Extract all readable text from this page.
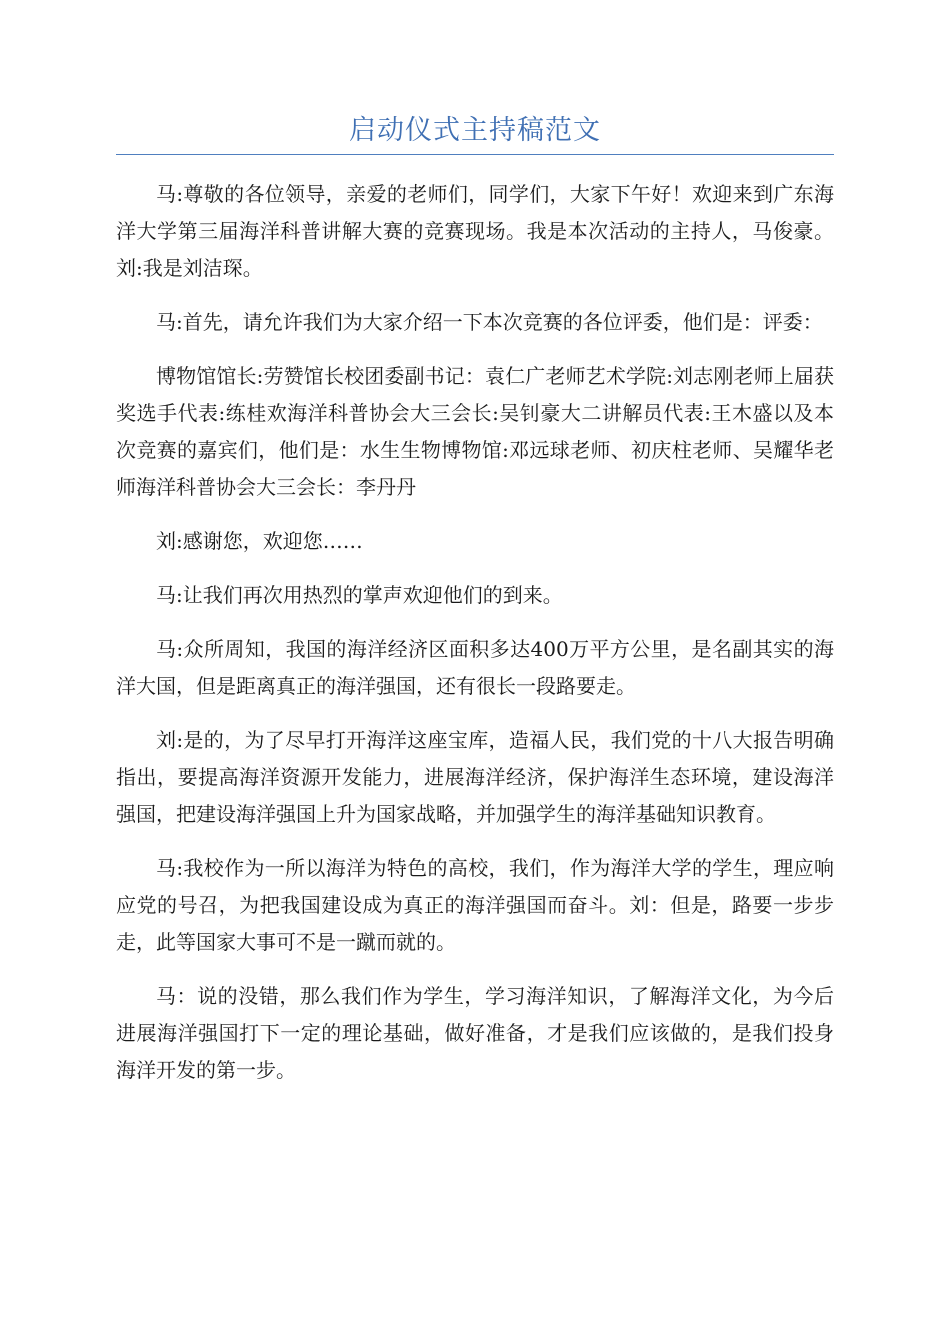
启动仪式主持稿范文

马:尊敬的各位领导，亲爱的老师们，同学们，大家下午好！欢迎来到广东海洋大学第三届海洋科普讲解大赛的竞赛现场。我是本次活动的主持人，马俊豪。刘:我是刘洁琛。

马:首先，请允许我们为大家介绍一下本次竞赛的各位评委，他们是：评委：

博物馆馆长:劳赞馆长校团委副书记：袁仁广老师艺术学院:刘志刚老师上届获奖选手代表:练桂欢海洋科普协会大三会长:吴钊豪大二讲解员代表:王木盛以及本次竞赛的嘉宾们，他们是：水生生物博物馆:邓远球老师、初庆柱老师、吴耀华老师海洋科普协会大三会长：李丹丹

刘:感谢您，欢迎您……

马:让我们再次用热烈的掌声欢迎他们的到来。

马:众所周知，我国的海洋经济区面积多达400万平方公里，是名副其实的海洋大国，但是距离真正的海洋强国，还有很长一段路要走。

刘:是的，为了尽早打开海洋这座宝库，造福人民，我们党的十八大报告明确指出，要提高海洋资源开发能力，进展海洋经济，保护海洋生态环境，建设海洋强国，把建设海洋强国上升为国家战略，并加强学生的海洋基础知识教育。

马:我校作为一所以海洋为特色的高校，我们，作为海洋大学的学生，理应响应党的号召，为把我国建设成为真正的海洋强国而奋斗。刘：但是，路要一步步走，此等国家大事可不是一蹴而就的。

马：说的没错，那么我们作为学生，学习海洋知识，了解海洋文化，为今后进展海洋强国打下一定的理论基础，做好准备，才是我们应该做的，是我们投身海洋开发的第一步。
